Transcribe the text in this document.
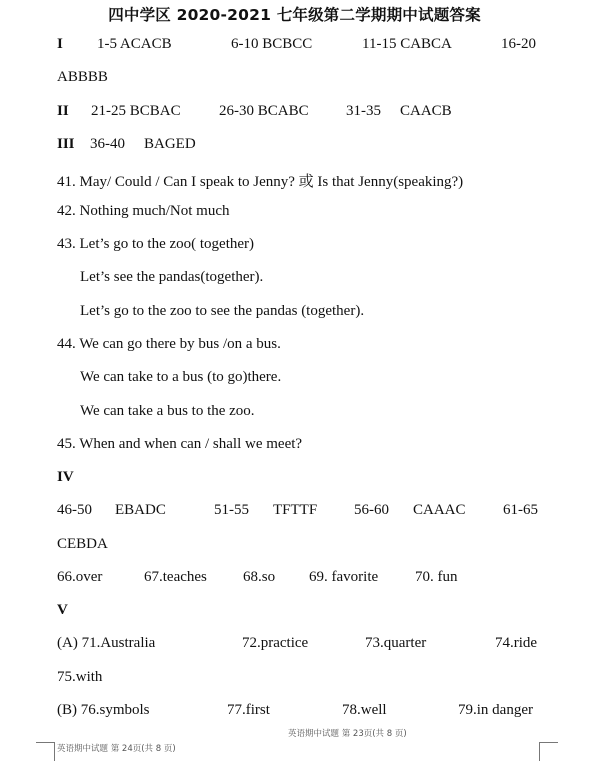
四中学区 2020-2021 七年级第二学期期中试题答案
I 1-5 ACACB	6-10 BCBCC	11-15 CABCA	16-20
ABBBB
II 21-25 BCBAC	26-30 BCABC 31-35 CAACB
III 36-40 BAGED
41. May/ Could / Can I speak to Jenny? 或 Is that Jenny(speaking?)
42. Nothing much/Not much
43. Let’s go to the zoo( together)
Let’s see the pandas(together).
Let’s go to the zoo to see the pandas (together).
44. We can go there by bus /on a bus.
We can take to a bus (to go)there.
We can take a bus to the zoo.
45. When and when can / shall we meet?
IV
46-50 EBADC	51-55 TFTTF 56-60 CAAAC 61-65
CEBDA
66.over	67.teaches 68.so 69. favorite 70. fun
V
(A) 71.Australia	72.practice	73.quarter	74.ride
75.with
(B) 76.symbols	77.first	78.well	79.in danger
英语期中试题 第 23页(共 8 页)
英语期中试题 第 24页(共 8 页)
